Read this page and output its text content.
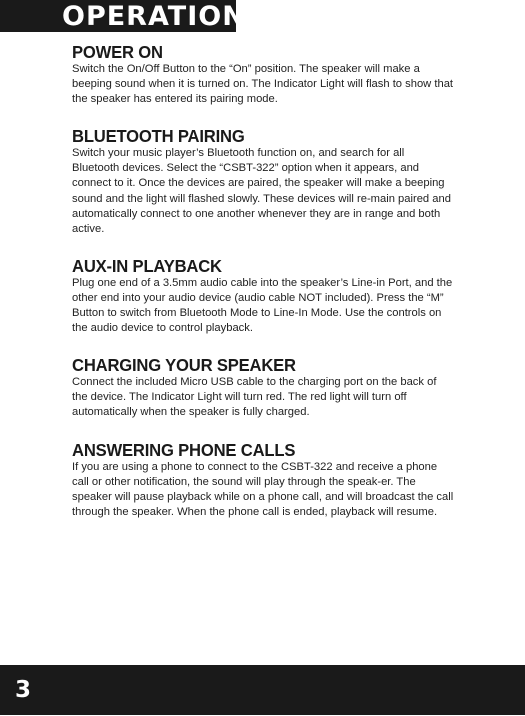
OPERATION
POWER ON

Switch the On/Off Button to the “On” position. The speaker will make a beeping sound when it is turned on. The Indicator Light will flash to show that the speaker has entered its pairing mode.

BLUETOOTH PAIRING

Switch your music player’s Bluetooth function on, and search for all Bluetooth devices. Select the “CSBT-322” option when it appears, and connect to it. Once the devices are paired, the speaker will make a beeping sound and the light will flashed slowly. These devices will re-main paired and automatically connect to one another whenever they are in range and both active.

AUX-IN PLAYBACK

Plug one end of a 3.5mm audio cable into the speaker’s Line-in Port, and the other end into your audio device (audio cable NOT included). Press the “M” Button to switch from Bluetooth Mode to Line-In Mode. Use the controls on the audio device to control playback.

CHARGING YOUR SPEAKER

Connect the included Micro USB cable to the charging port on the back of the device. The Indicator Light will turn red. The red light will turn off automatically when the speaker is fully charged.

ANSWERING PHONE CALLS

If you are using a phone to connect to the CSBT-322 and receive a phone call or other notification, the sound will play through the speak-er. The speaker will pause playback while on a phone call, and will broadcast the call through the speaker. When the phone call is ended, playback will resume.

3
